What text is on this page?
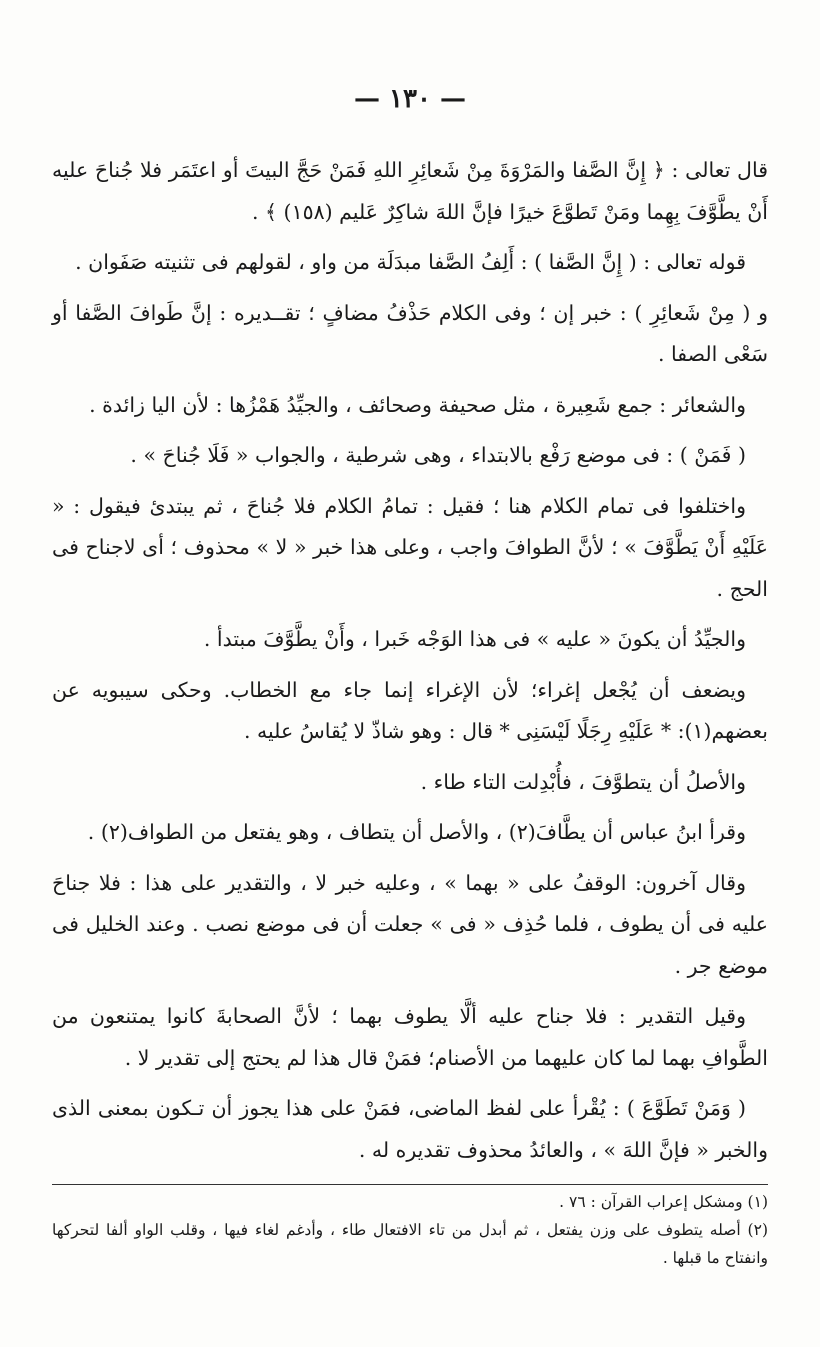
— ١٣٠ —

قال تعالى : ﴿ إِنَّ الصَّفا والمَرْوَةَ مِنْ شَعائِرِ اللهِ فَمَنْ حَجَّ البيتَ أو اعتَمَر فلا جُناحَ عليه أَنْ يطَّوَّفَ بِهِما ومَنْ تَطوَّعَ خيرًا فإنَّ اللهَ شاكِرٌ عَليم (١٥٨) ﴾ .

قوله تعالى : ( إِنَّ الصَّفا ) : أَلِفُ الصَّفا مبدَلَة من واو ، لقولهم فى تثنيته صَفَوان .

و ( مِنْ شَعائِرِ ) : خبر إن ؛ وفى الكلام حَذْفُ مضافٍ ؛ تقــديره : إنَّ طَوافَ الصَّفا أو سَعْى الصفا .

والشعائر : جمع شَعِيرة ، مثل صحيفة وصحائف ، والجيِّدُ هَمْزُها : لأن اليا زائدة .

( فَمَنْ ) : فى موضع رَفْع بالابتداء ، وهى شرطية ، والجواب « فَلَا جُناحَ » .

واختلفوا فى تمام الكلام هنا ؛ فقيل : تمامُ الكلام فلا جُناحَ ، ثم يبتدئ فيقول : « عَلَيْهِ أَنْ يَطَّوَّفَ » ؛ لأنَّ الطوافَ واجب ، وعلى هذا خبر « لا » محذوف ؛ أى لاجناح فى الحج .

والجيِّدُ أن يكونَ « عليه » فى هذا الوَجْه خَبرا ، وأَنْ يطَّوَّفَ مبتدأ .

ويضعف أن يُجْعل إغراء؛ لأن الإغراء إنما جاء مع الخطاب. وحكى سيبويه عن بعضهم(١): * عَلَيْهِ رِجَلًا لَيْسَنِى * قال : وهو شاذّ لا يُقاسُ عليه .

والأصلُ أن يتطوَّفَ ، فأُبْدِلت التاء طاء .

وقرأ ابنُ عباس أن يطَّافَ(٢) ، والأصل أن يتطاف ، وهو يفتعل من الطواف(٢) .

وقال آخرون: الوقفُ على « بهما » ، وعليه خبر لا ، والتقدير على هذا : فلا جناحَ عليه فى أن يطوف ، فلما حُذِف « فى » جعلت أن فى موضع نصب . وعند الخليل فى موضع جر .

وقيل التقدير : فلا جناح عليه ألَّا يطوف بهما ؛ لأنَّ الصحابةَ كانوا يمتنعون من الطَّوافِ بهما لما كان عليهما من الأصنام؛ فمَنْ قال هذا لم يحتج إلى تقدير لا .

( وَمَنْ تَطَوَّعَ ) : يُقْرأ على لفظ الماضى، فمَنْ على هذا يجوز أن تـكون بمعنى الذى والخبر « فإنَّ اللهَ » ، والعائدُ محذوف تقديره له .

(١) ومشكل إعراب القرآن : ٧٦ .

(٢) أصله يتطوف على وزن يفتعل ، ثم أبدل من تاء الافتعال طاء ، وأدغم لغاء فيها ، وقلب الواو ألفا لتحركها وانفتاح ما قبلها .
